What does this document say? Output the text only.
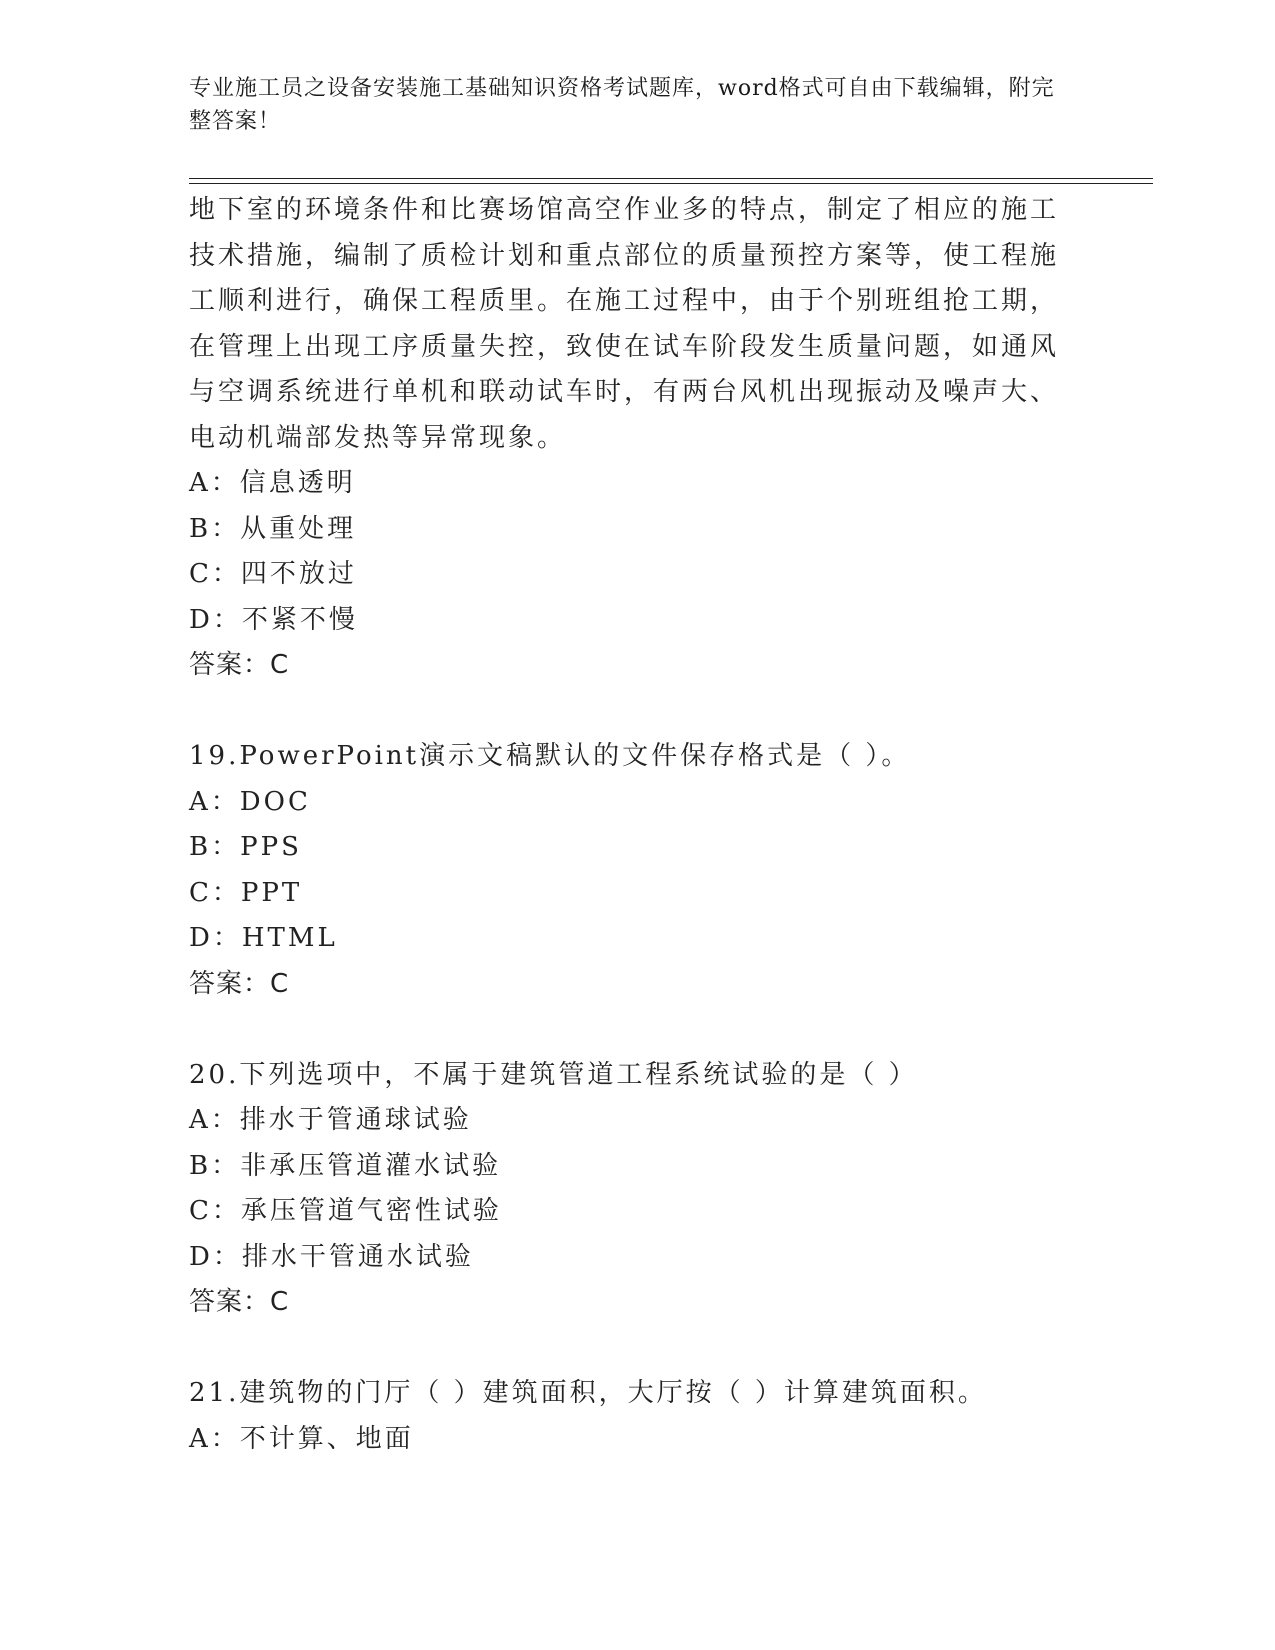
专业施工员之设备安装施工基础知识资格考试题库，word格式可自由下载编辑，附完整答案！

地下室的环境条件和比赛场馆高空作业多的特点，制定了相应的施工技术措施，编制了质检计划和重点部位的质量预控方案等，使工程施工顺利进行，确保工程质里。在施工过程中，由于个别班组抢工期，在管理上出现工序质量失控，致使在试车阶段发生质量问题，如通风与空调系统进行单机和联动试车时，有两台风机出现振动及噪声大、电动机端部发热等异常现象。

A：信息透明
B：从重处理
C：四不放过
D：不紧不慢
答案：C
19.PowerPoint演示文稿默认的文件保存格式是（ ）。
A：DOC
B：PPS
C：PPT
D：HTML
答案：C
20.下列选项中，不属于建筑管道工程系统试验的是（ ）
A：排水于管通球试验
B：非承压管道灌水试验
C：承压管道气密性试验
D：排水干管通水试验
答案：C
21.建筑物的门厅（ ）建筑面积，大厅按（ ）计算建筑面积。
A：不计算、地面
